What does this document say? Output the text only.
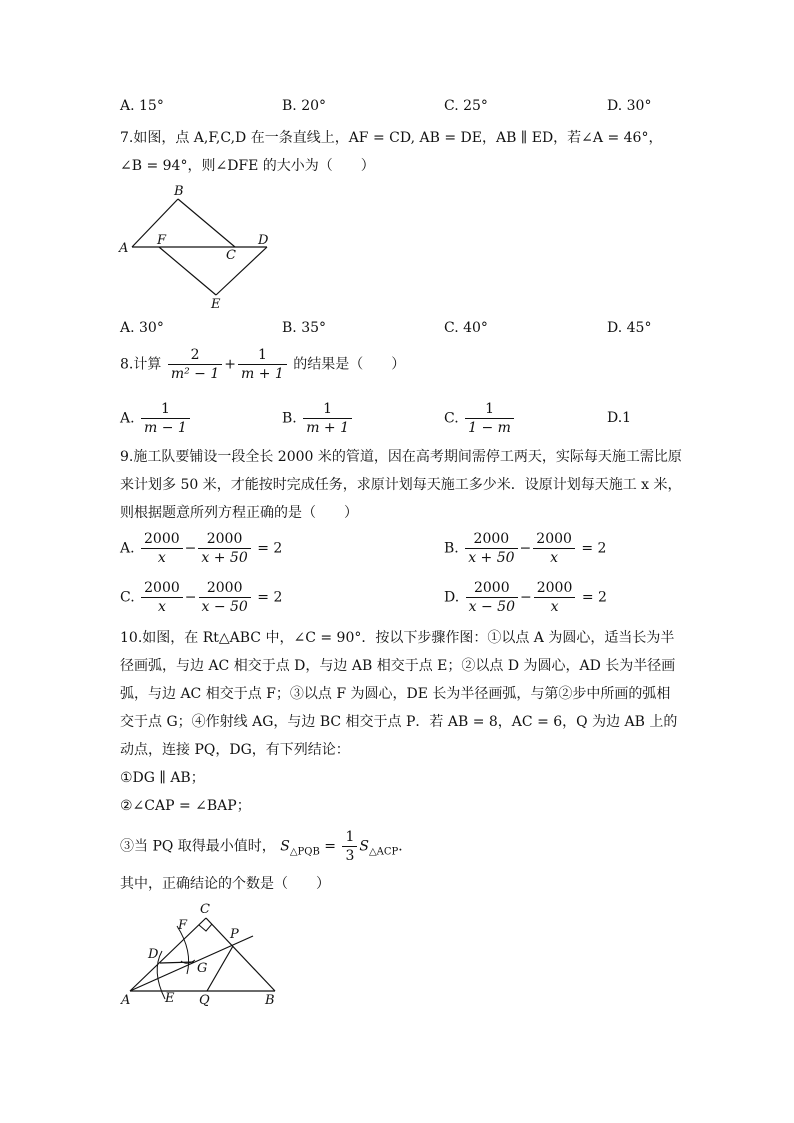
A. 15°	B. 20°	C. 25°	D. 30°
7.如图，点 A,F,C,D 在一条直线上，AF = CD, AB = DE，AB ∥ ED，若∠A = 46°，
∠B = 94°，则∠DFE 的大小为（　　）
B
A
F
C
D
E
A. 30°	B. 35°	C. 40°	D. 45°
8.计算 $\frac{2}{\text{m² − 1}} + \frac{1}{m + 1}$ 的结果是（　　）
A. $\frac{1}{m - 1}$	B. $\frac{1}{m + 1}$	C. $\frac{1}{1 - m}$	D.1
9.施工队要铺设一段全长 2000 米的管道，因在高考期间需停工两天，实际每天施工需比原
来计划多 50 米，才能按时完成任务，求原计划每天施工多少米．设原计划每天施工 x 米，
则根据题意所列方程正确的是（　　）
A. $\frac{2000}{x} - \frac{2000}{x + 50} = 2$	B. $\frac{2000}{x + 50} - \frac{2000}{x} = 2$
C. $\frac{2000}{x} - \frac{2000}{x - 50} = 2$	D. $\frac{2000}{x - 50} - \frac{2000}{x} = 2$
10.如图，在 Rt△ABC 中，∠C = 90°．按以下步骤作图：①以点 A 为圆心，适当长为半
径画弧，与边 AC 相交于点 D，与边 AB 相交于点 E；②以点 D 为圆心，AD 长为半径画
弧，与边 AC 相交于点 F；③以点 F 为圆心，DE 长为半径画弧，与第②步中所画的弧相
交于点 G；④作射线 AG，与边 BC 相交于点 P．若 AB = 8，AC = 6，Q 为边 AB 上的
动点，连接 PQ，DG，有下列结论：
①DG ∥ AB；
②∠CAP = ∠BAP；
③当 PQ 取得最小值时， $S_{\triangle PQB} = \frac{1}{3} S_{\triangle ACP}$．
其中，正确结论的个数是（　　）
C
F
P
D
G
A	E Q	B
